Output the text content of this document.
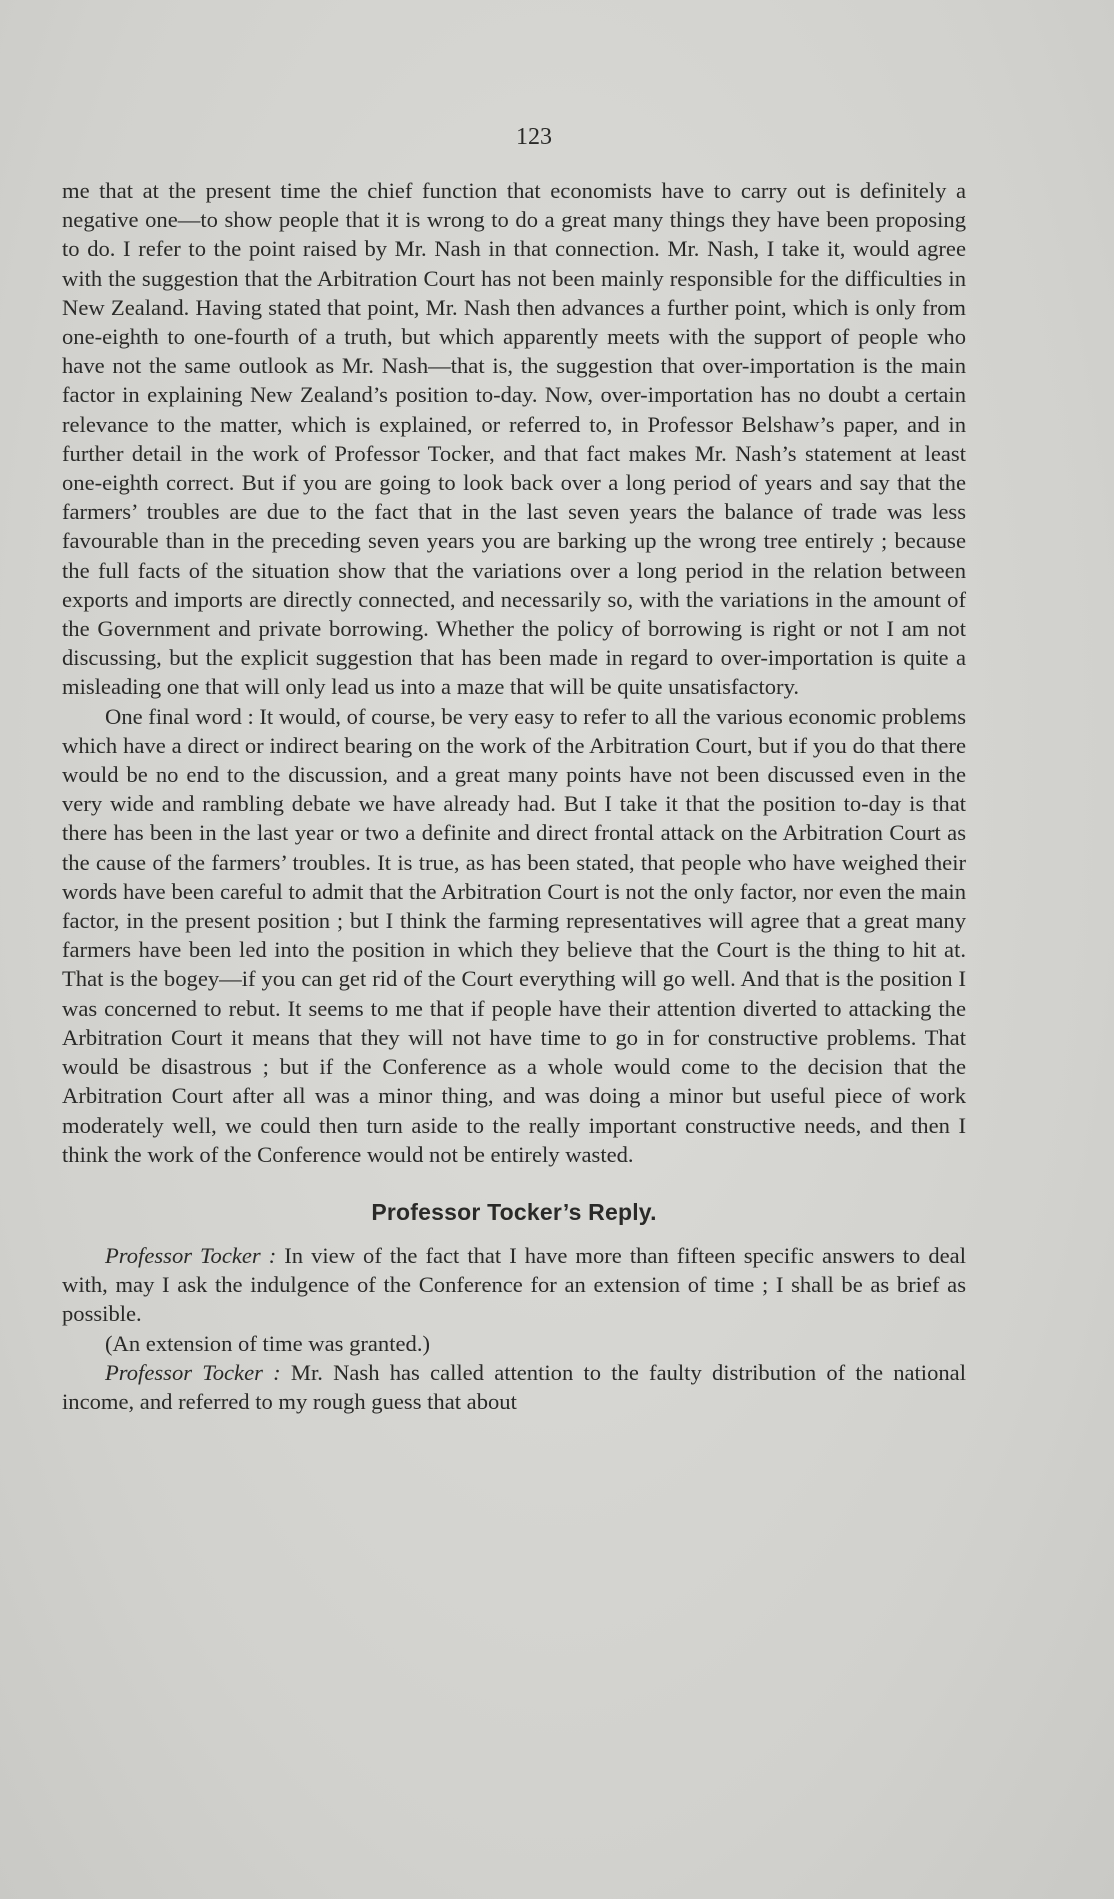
123

me that at the present time the chief function that economists have to carry out is definitely a negative one—to show people that it is wrong to do a great many things they have been proposing to do. I refer to the point raised by Mr. Nash in that connection. Mr. Nash, I take it, would agree with the suggestion that the Arbitration Court has not been mainly responsible for the difficulties in New Zealand. Having stated that point, Mr. Nash then advances a further point, which is only from one-eighth to one-fourth of a truth, but which apparently meets with the support of people who have not the same outlook as Mr. Nash—that is, the suggestion that over-importation is the main factor in explaining New Zealand’s position to-day. Now, over-importation has no doubt a certain relevance to the matter, which is explained, or referred to, in Professor Belshaw’s paper, and in further detail in the work of Professor Tocker, and that fact makes Mr. Nash’s statement at least one-eighth correct. But if you are going to look back over a long period of years and say that the farmers’ troubles are due to the fact that in the last seven years the balance of trade was less favourable than in the preceding seven years you are barking up the wrong tree entirely ; because the full facts of the situation show that the variations over a long period in the relation between exports and imports are directly connected, and necessarily so, with the variations in the amount of the Government and private borrowing. Whether the policy of borrowing is right or not I am not discussing, but the explicit suggestion that has been made in regard to over-importation is quite a misleading one that will only lead us into a maze that will be quite unsatisfactory.

One final word : It would, of course, be very easy to refer to all the various economic problems which have a direct or indirect bearing on the work of the Arbitration Court, but if you do that there would be no end to the discussion, and a great many points have not been discussed even in the very wide and rambling debate we have already had. But I take it that the position to-day is that there has been in the last year or two a definite and direct frontal attack on the Arbitration Court as the cause of the farmers’ troubles. It is true, as has been stated, that people who have weighed their words have been careful to admit that the Arbitration Court is not the only factor, nor even the main factor, in the present position ; but I think the farming representatives will agree that a great many farmers have been led into the position in which they believe that the Court is the thing to hit at. That is the bogey—if you can get rid of the Court everything will go well. And that is the position I was concerned to rebut. It seems to me that if people have their attention diverted to attacking the Arbitration Court it means that they will not have time to go in for constructive problems. That would be disastrous ; but if the Conference as a whole would come to the decision that the Arbitration Court after all was a minor thing, and was doing a minor but useful piece of work moderately well, we could then turn aside to the really important constructive needs, and then I think the work of the Conference would not be entirely wasted.

Professor Tocker’s Reply.

Professor Tocker : In view of the fact that I have more than fifteen specific answers to deal with, may I ask the indulgence of the Conference for an extension of time ; I shall be as brief as possible.

(An extension of time was granted.)

Professor Tocker : Mr. Nash has called attention to the faulty distribution of the national income, and referred to my rough guess that about
